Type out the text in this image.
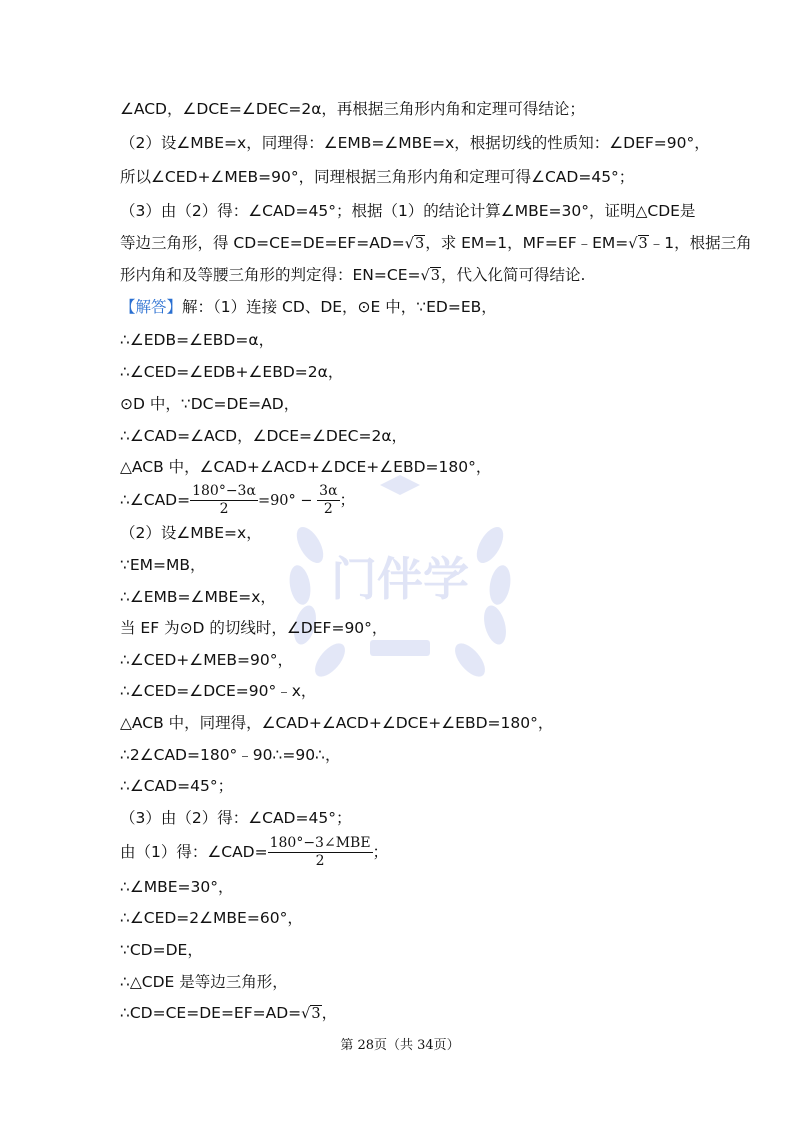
门伴学
∠ACD，∠DCE=∠DEC=2α，再根据三角形内角和定理可得结论；
（2）设∠MBE=x，同理得：∠EMB=∠MBE=x，根据切线的性质知：∠DEF=90°，
所以∠CED+∠MEB=90°，同理根据三角形内角和定理可得∠CAD=45°；
（3）由（2）得：∠CAD=45°；根据（1）的结论计算∠MBE=30°，证明△CDE是
等边三角形，得 CD=CE=DE=EF=AD=√3，求 EM=1，MF=EF﹣EM=√3﹣1，根据三角
形内角和及等腰三角形的判定得：EN=CE=√3，代入化简可得结论.
【解答】解：（1）连接 CD、DE，⊙E 中，∵ED=EB，
∴∠EDB=∠EBD=α，
∴∠CED=∠EDB+∠EBD=2α，
⊙D 中，∵DC=DE=AD，
∴∠CAD=∠ACD，∠DCE=∠DEC=2α，
△ACB 中，∠CAD+∠ACD+∠DCE+∠EBD=180°，
∴∠CAD= $\frac{180^\circ-3\alpha}{2} =90^\circ - \frac{3\alpha}{2}$ ；
（2）设∠MBE=x，
∵EM=MB，
∴∠EMB=∠MBE=x，
当 EF 为⊙D 的切线时，∠DEF=90°，
∴∠CED+∠MEB=90°，
∴∠CED=∠DCE=90°﹣x，
△ACB 中，同理得，∠CAD+∠ACD+∠DCE+∠EBD=180°，
∴2∠CAD=180°﹣90∴=90∴，
∴∠CAD=45°；
（3）由（2）得：∠CAD=45°；
由（1）得：∠CAD= $\frac{\text{180°−3∠MBE}}{2}$ ；
∴∠MBE=30°，
∴∠CED=2∠MBE=60°，
∵CD=DE，
∴△CDE 是等边三角形，
∴CD=CE=DE=EF=AD=√3，
第 28页（共 34页）
